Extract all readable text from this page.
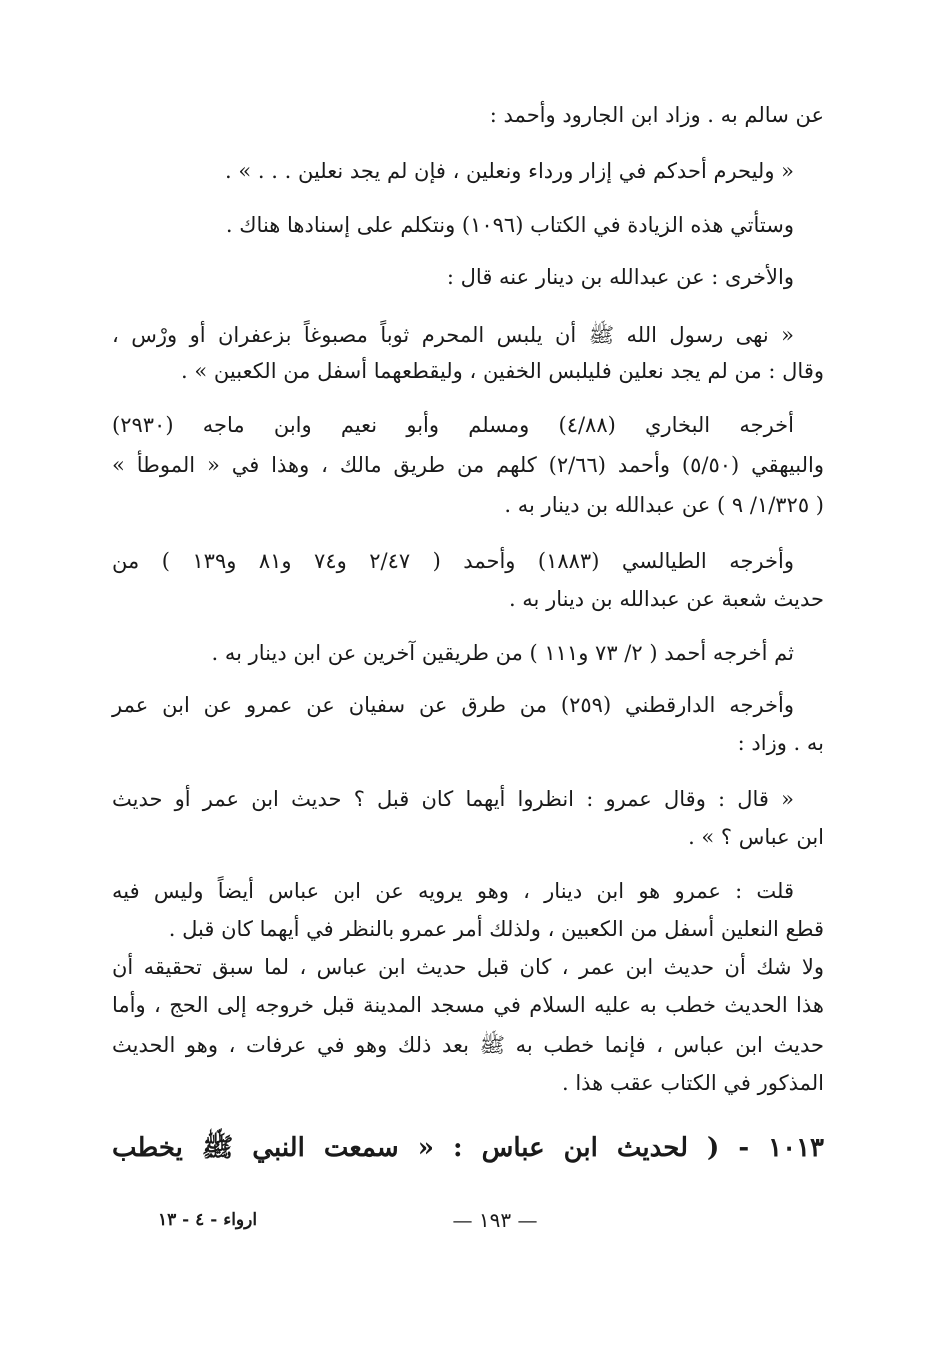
عن سالم به . وزاد ابن الجارود وأحمد :
« وليحرم أحدكم في إزار ورداء ونعلين ، فإن لم يجد نعلين . . . » .
وستأتي هذه الزيادة في الكتاب (١٠٩٦) ونتكلم على إسنادها هناك .
والأخرى : عن عبدالله بن دينار عنه قال :
« نهى رسول الله ﷺ أن يلبس المحرم ثوباً مصبوغاً بزعفران أو ورْس ،
وقال : من لم يجد نعلين فليلبس الخفين ، وليقطعهما أسفل من الكعبين » .
أخرجه البخاري (٤/٨٨) ومسلم وأبو نعيم وابن ماجه (٢٩٣٠)
والبيهقي (٥/٥٠) وأحمد (٢/٦٦) كلهم من طريق مالك ، وهذا في « الموطأ »
( ١/٣٢٥/ ٩ ) عن عبدالله بن دينار به .
وأخرجه الطيالسي (١٨٨٣) وأحمد ( ٢/٤٧ و٧٤ و٨١ و١٣٩ ) من
حديث شعبة عن عبدالله بن دينار به .
ثم أخرجه أحمد ( ٢/ ٧٣ و١١١ ) من طريقين آخرين عن ابن دينار به .
وأخرجه الدارقطني (٢٥٩) من طرق عن سفيان عن عمرو عن ابن عمر
به . وزاد :
« قال : وقال عمرو : انظروا أيهما كان قبل ؟ حديث ابن عمر أو حديث
ابن عباس ؟ » .
قلت : عمرو هو ابن دينار ، وهو يرويه عن ابن عباس أيضاً وليس فيه
قطع النعلين أسفل من الكعبين ، ولذلك أمر عمرو بالنظر في أيهما كان قبل .
ولا شك أن حديث ابن عمر ، كان قبل حديث ابن عباس ، لما سبق تحقيقه أن
هذا الحديث خطب به عليه السلام في مسجد المدينة قبل خروجه إلى الحج ، وأما
حديث ابن عباس ، فإنما خطب به ﷺ بعد ذلك وهو في عرفات ، وهو الحديث
المذكور في الكتاب عقب هذا .
١٠١٣ - ( لحديث ابن عباس : « سمعت النبي ﷺ يخطب
ارواء - ٤ - ١٣	— ١٩٣ —
